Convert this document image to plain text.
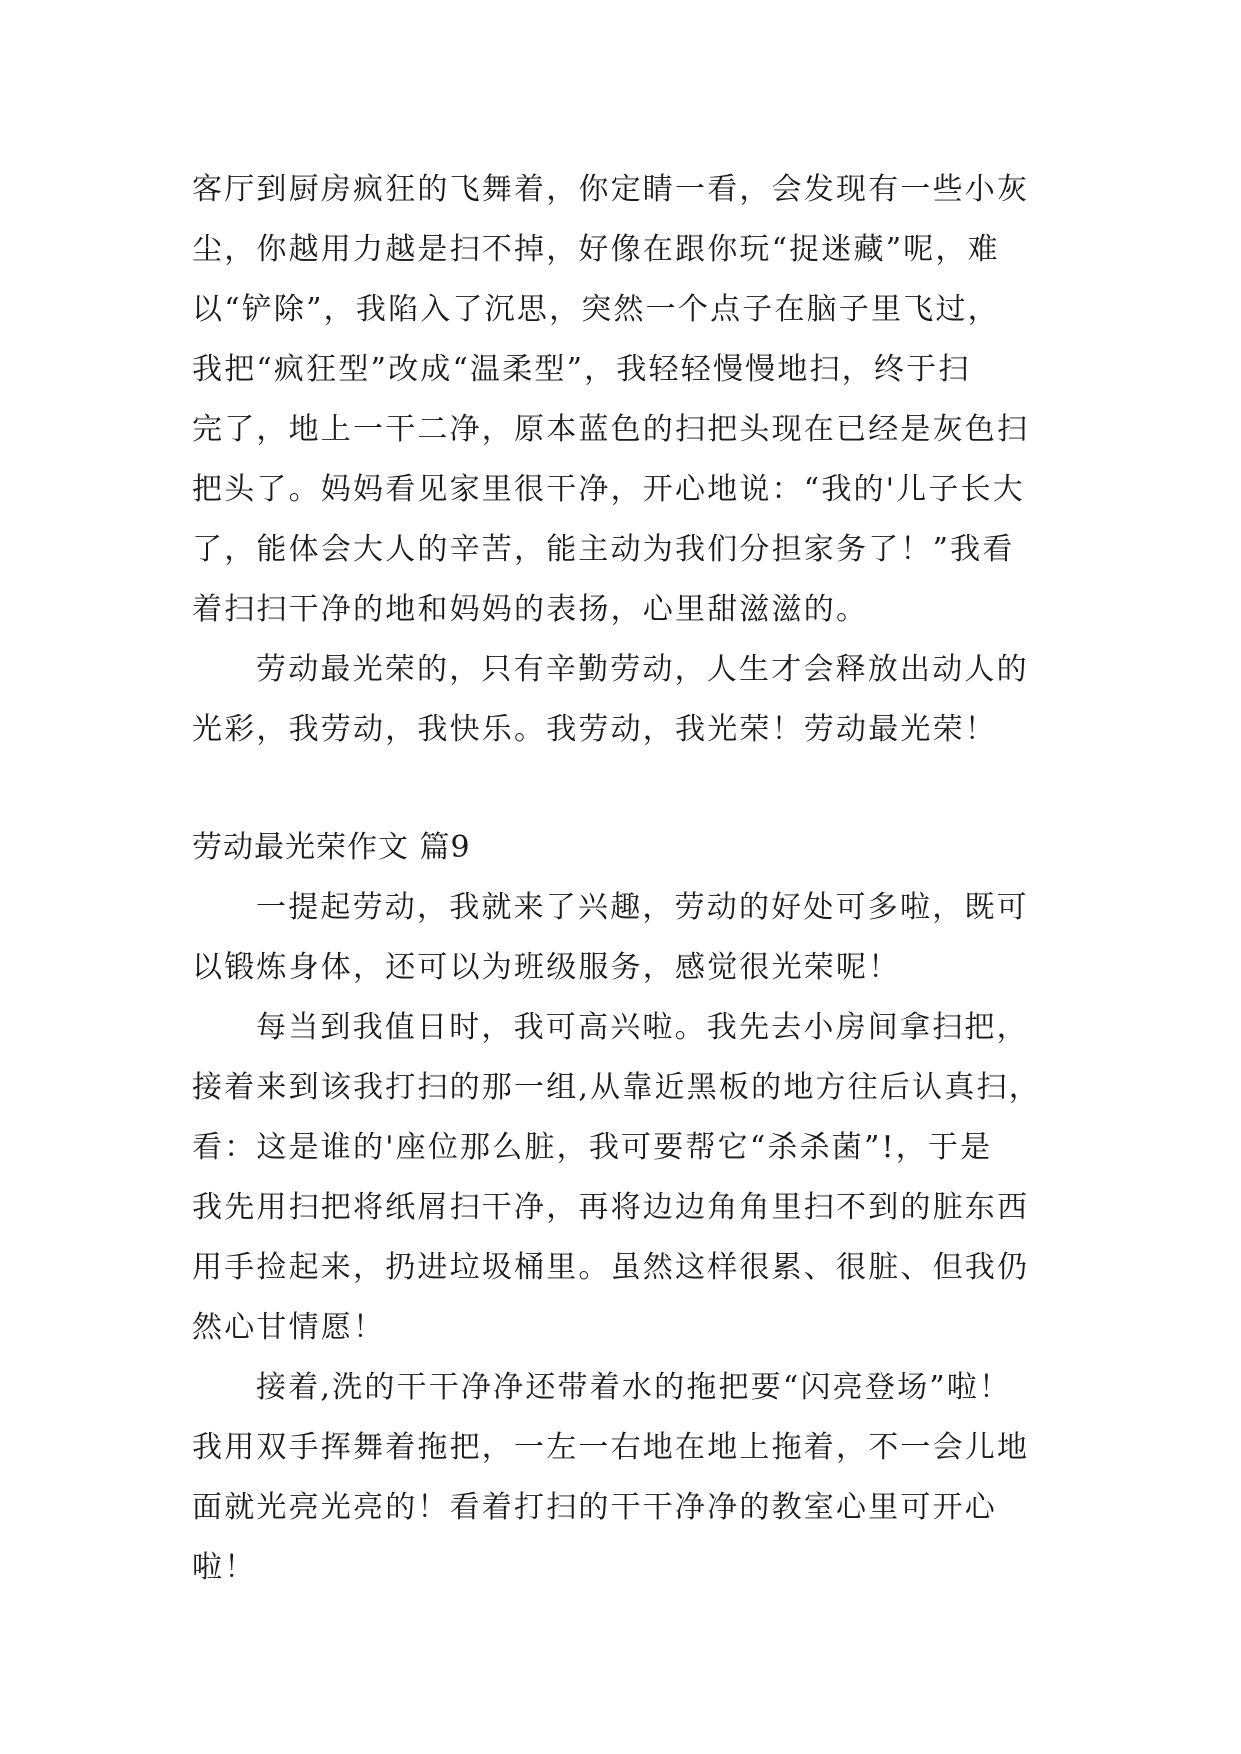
客厅到厨房疯狂的飞舞着，你定睛一看，会发现有一些小灰
尘，你越用力越是扫不掉，好像在跟你玩“捉迷藏”呢，难
以“铲除”，我陷入了沉思，突然一个点子在脑子里飞过，
我把“疯狂型”改成“温柔型”，我轻轻慢慢地扫，终于扫
完了，地上一干二净，原本蓝色的扫把头现在已经是灰色扫
把头了。妈妈看见家里很干净，开心地说：“我的'儿子长大
了，能体会大人的辛苦，能主动为我们分担家务了！”我看
着扫扫干净的地和妈妈的表扬，心里甜滋滋的。
劳动最光荣的，只有辛勤劳动，人生才会释放出动人的
光彩，我劳动，我快乐。我劳动，我光荣！劳动最光荣！
劳动最光荣作文 篇9
一提起劳动，我就来了兴趣，劳动的好处可多啦，既可
以锻炼身体，还可以为班级服务，感觉很光荣呢！
每当到我值日时，我可高兴啦。我先去小房间拿扫把，
接着来到该我打扫的那一组,从靠近黑板的地方往后认真扫，
看：这是谁的'座位那么脏，我可要帮它“杀杀菌”!，于是
我先用扫把将纸屑扫干净，再将边边角角里扫不到的脏东西
用手捡起来，扔进垃圾桶里。虽然这样很累、很脏、但我仍
然心甘情愿！
接着,洗的干干净净还带着水的拖把要“闪亮登场”啦！
我用双手挥舞着拖把，一左一右地在地上拖着，不一会儿地
面就光亮光亮的！看着打扫的干干净净的教室心里可开心
啦！
